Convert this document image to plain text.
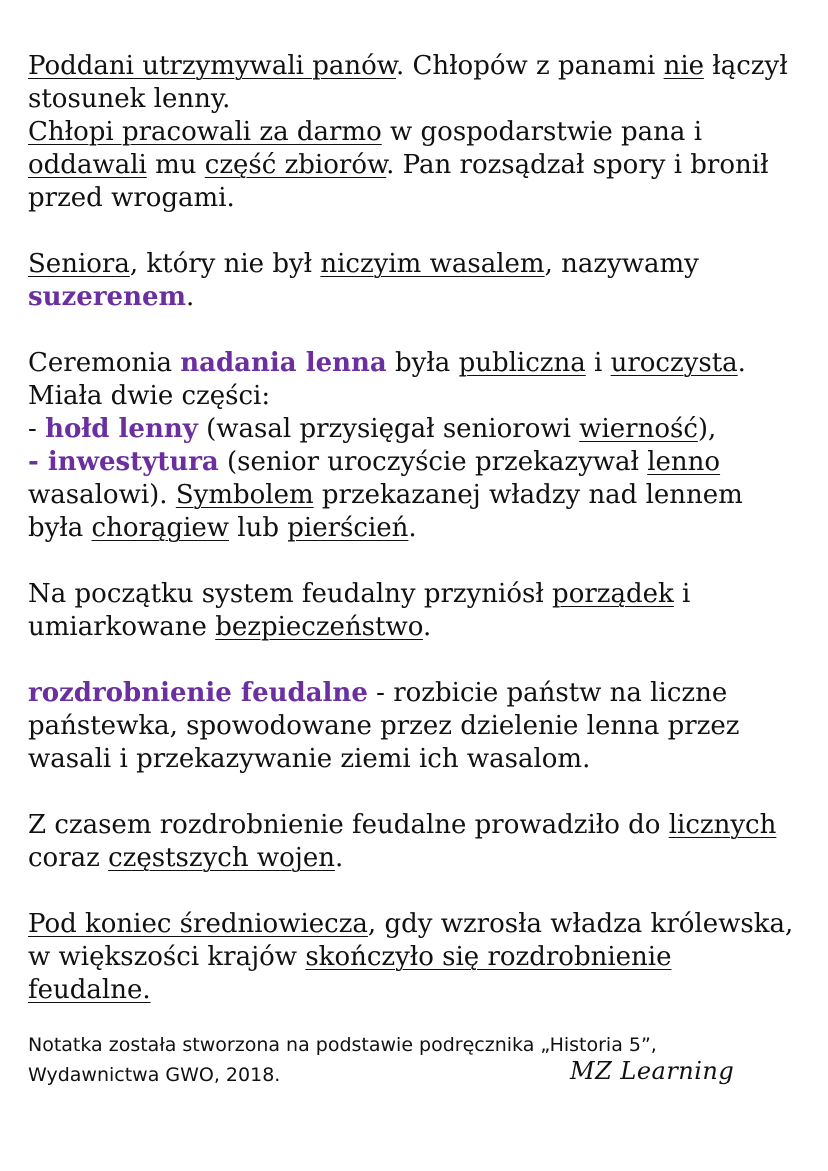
Poddani utrzymywali panów. Chłopów z panami nie łączył stosunek lenny.
Chłopi pracowali za darmo w gospodarstwie pana i oddawali mu część zbiorów. Pan rozsądzał spory i bronił przed wrogami.

Seniora, który nie był niczyim wasalem, nazywamy suzerenem.

Ceremonia nadania lenna była publiczna i uroczysta. Miała dwie części:
- hołd lenny (wasal przysięgał seniorowi wierność),
- inwestytura (senior uroczyście przekazywał lenno wasalowi). Symbolem przekazanej władzy nad lennem była chorągiew lub pierścień.

Na początku system feudalny przyniósł porządek i umiarkowane bezpieczeństwo.

rozdrobnienie feudalne - rozbicie państw na liczne państewka, spowodowane przez dzielenie lenna przez wasali i przekazywanie ziemi ich wasalom.

Z czasem rozdrobnienie feudalne prowadziło do licznych coraz częstszych wojen.

Pod koniec średniowiecza, gdy wzrosła władza królewska, w większości krajów skończyło się rozdrobnienie feudalne.

Notatka została stworzona na podstawie podręcznika „Historia 5”,
Wydawnictwa GWO, 2018.	MZ Learning
